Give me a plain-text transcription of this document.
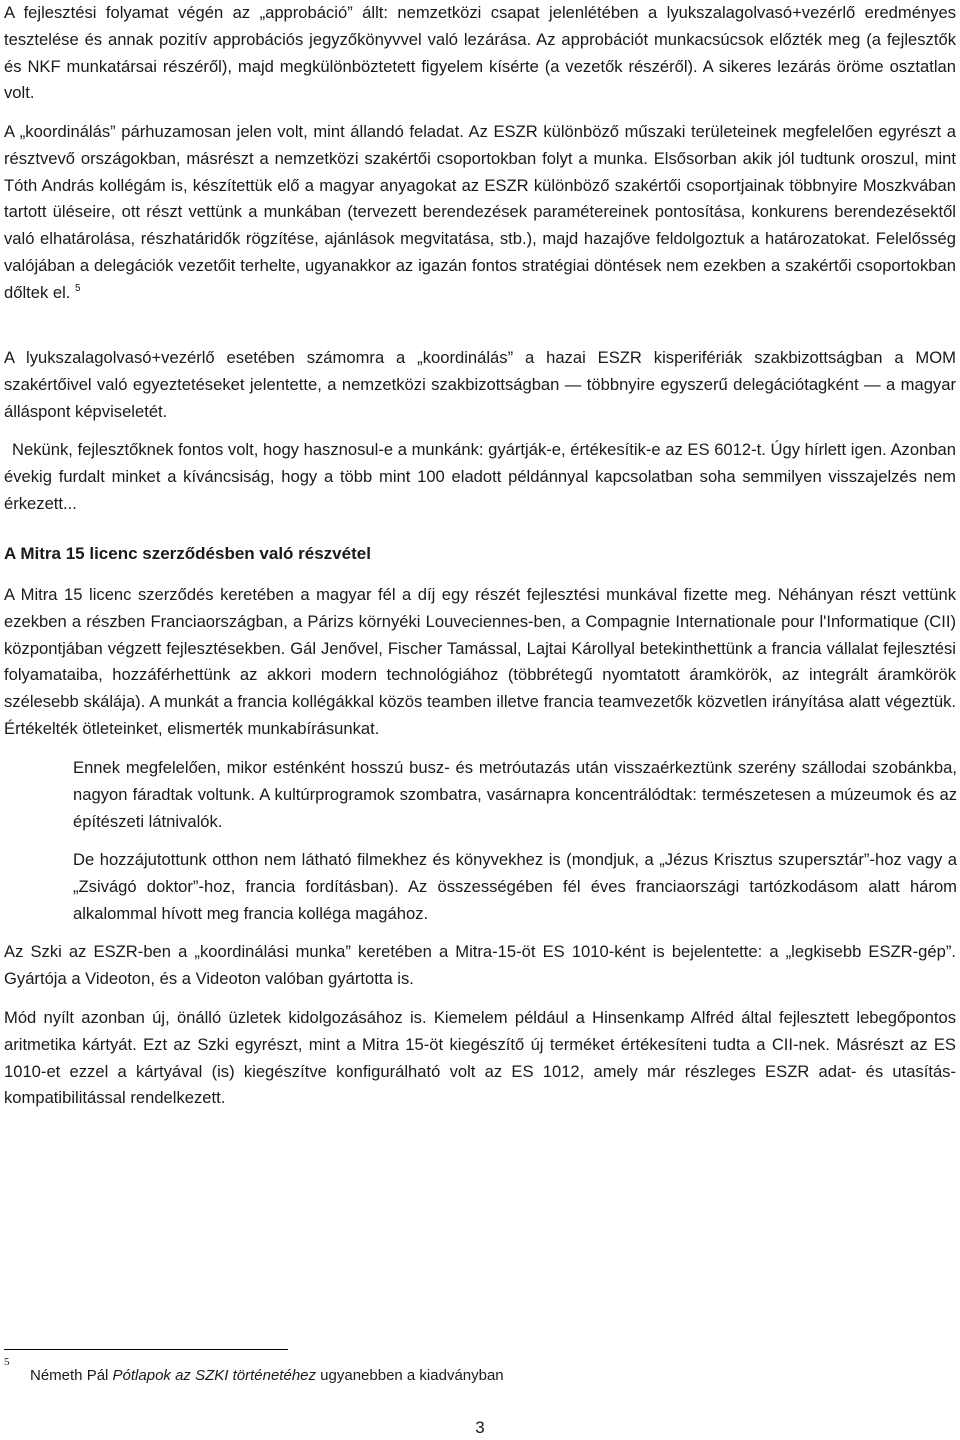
A fejlesztési folyamat végén az „approbáció” állt: nemzetközi csapat jelenlétében a lyukszalagolvasó+vezérlő eredményes tesztelése és annak pozitív approbációs jegyzőkönyvvel való lezárása. Az approbációt munkacsúcsok előzték meg (a fejlesztők és NKF munkatársai részéről), majd megkülönböztetett figyelem kísérte (a vezetők részéről). A sikeres lezárás öröme osztatlan volt.

A „koordinálás” párhuzamosan jelen volt, mint állandó feladat. Az ESZR különböző műszaki területeinek megfelelően egyrészt a résztvevő országokban, másrészt a nemzetközi szakértői csoportokban folyt a munka. Elsősorban akik jól tudtunk oroszul, mint Tóth András kollégám is, készítettük elő a magyar anyagokat az ESZR különböző szakértői csoportjainak többnyire Moszkvában tartott üléseire, ott részt vettünk a munkában (tervezett berendezések paramétereinek pontosítása, konkurens berendezésektől való elhatárolása, részhatáridők rögzítése, ajánlások megvitatása, stb.), majd hazajőve feldolgoztuk a határozatokat. Felelősség valójában a delegációk vezetőit terhelte, ugyanakkor az igazán fontos stratégiai döntések nem ezekben a szakértői csoportokban dőltek el. $^5$

A lyukszalagolvasó+vezérlő esetében számomra a „koordinálás” a hazai ESZR kisperifériák szakbizottságban a MOM szakértőivel való egyeztetéseket jelentette, a nemzetközi szakbizottságban — többnyire egyszerű delegációtagként — a magyar álláspont képviseletét.

Nekünk, fejlesztőknek fontos volt, hogy hasznosul-e a munkánk: gyártják-e, értékesítik-e az ES 6012-t. Úgy hírlett igen. Azonban évekig furdalt minket a kíváncsiság, hogy a több mint 100 eladott példánnyal kapcsolatban soha semmilyen visszajelzés nem érkezett...

A Mitra 15 licenc szerződésben való részvétel

A Mitra 15 licenc szerződés keretében a magyar fél a díj egy részét fejlesztési munkával fizette meg. Néhányan részt vettünk ezekben a részben Franciaországban, a Párizs környéki Louveciennes-ben, a Compagnie Internationale pour l'Informatique (CII) központjában végzett fejlesztésekben. Gál Jenővel, Fischer Tamással, Lajtai Károllyal betekinthettünk a francia vállalat fejlesztési folyamataiba, hozzáférhettünk az akkori modern technológiához (többrétegű nyomtatott áramkörök, az integrált áramkörök szélesebb skálája). A munkát a francia kollégákkal közös teamben illetve francia teamvezetők közvetlen irányítása alatt végeztük. Értékelték ötleteinket, elismerték munkabírásunkat.

Ennek megfelelően, mikor esténként hosszú busz- és metróutazás után visszaérkeztünk szerény szállodai szobánkba, nagyon fáradtak voltunk. A kultúrprogramok szombatra, vasárnapra koncentrálódtak: természetesen a múzeumok és az építészeti látnivalók.

De hozzájutottunk otthon nem látható filmekhez és könyvekhez is (mondjuk, a „Jézus Krisztus szupersztár”-hoz vagy a „Zsivágó doktor”-hoz, francia fordításban). Az összességében fél éves franciaországi tartózkodásom alatt három alkalommal hívott meg francia kolléga magához.

Az Szki az ESZR-ben a „koordinálási munka” keretében a Mitra-15-öt ES 1010-ként is bejelentette: a „legkisebb ESZR-gép”. Gyártója a Videoton, és a Videoton valóban gyártotta is.

Mód nyílt azonban új, önálló üzletek kidolgozásához is. Kiemelem például a Hinsenkamp Alfréd által fejlesztett lebegőpontos aritmetika kártyát. Ezt az Szki egyrészt, mint a Mitra 15-öt kiegészítő új terméket értékesíteni tudta a CII-nek. Másrészt az ES 1010-et ezzel a kártyával (is) kiegészítve konfigurálható volt az ES 1012, amely már részleges ESZR adat- és utasítás-kompatibilitással rendelkezett.

5
Németh Pál Pótlapok az SZKI történetéhez ugyanebben a kiadványban
3
